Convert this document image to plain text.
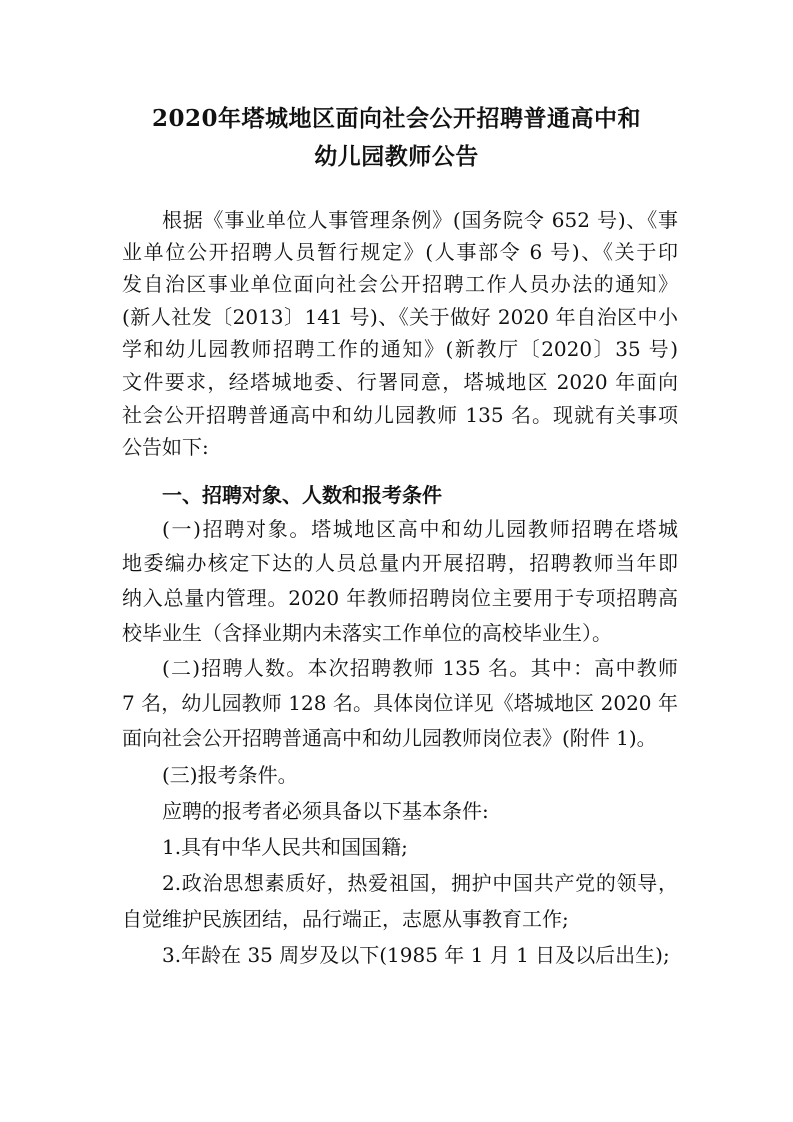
2020年塔城地区面向社会公开招聘普通高中和
幼儿园教师公告
根据《事业单位人事管理条例》(国务院令 652 号)、《事
业单位公开招聘人员暂行规定》(人事部令 6 号)、《关于印
发自治区事业单位面向社会公开招聘工作人员办法的通知》
(新人社发〔2013〕141 号)、《关于做好 2020 年自治区中小
学和幼儿园教师招聘工作的通知》(新教厅〔2020〕35 号)
文件要求，经塔城地委、行署同意，塔城地区 2020 年面向
社会公开招聘普通高中和幼儿园教师 135 名。现就有关事项
公告如下:
一、招聘对象、人数和报考条件
(一)招聘对象。塔城地区高中和幼儿园教师招聘在塔城
地委编办核定下达的人员总量内开展招聘，招聘教师当年即
纳入总量内管理。2020 年教师招聘岗位主要用于专项招聘高
校毕业生（含择业期内未落实工作单位的高校毕业生）。
(二)招聘人数。本次招聘教师 135 名。其中：高中教师
7 名，幼儿园教师 128 名。具体岗位详见《塔城地区 2020 年
面向社会公开招聘普通高中和幼儿园教师岗位表》(附件 1)。
(三)报考条件。
应聘的报考者必须具备以下基本条件:
1.具有中华人民共和国国籍;
2.政治思想素质好，热爱祖国，拥护中国共产党的领导，
自觉维护民族团结，品行端正，志愿从事教育工作;
3.年龄在 35 周岁及以下(1985 年 1 月 1 日及以后出生);
